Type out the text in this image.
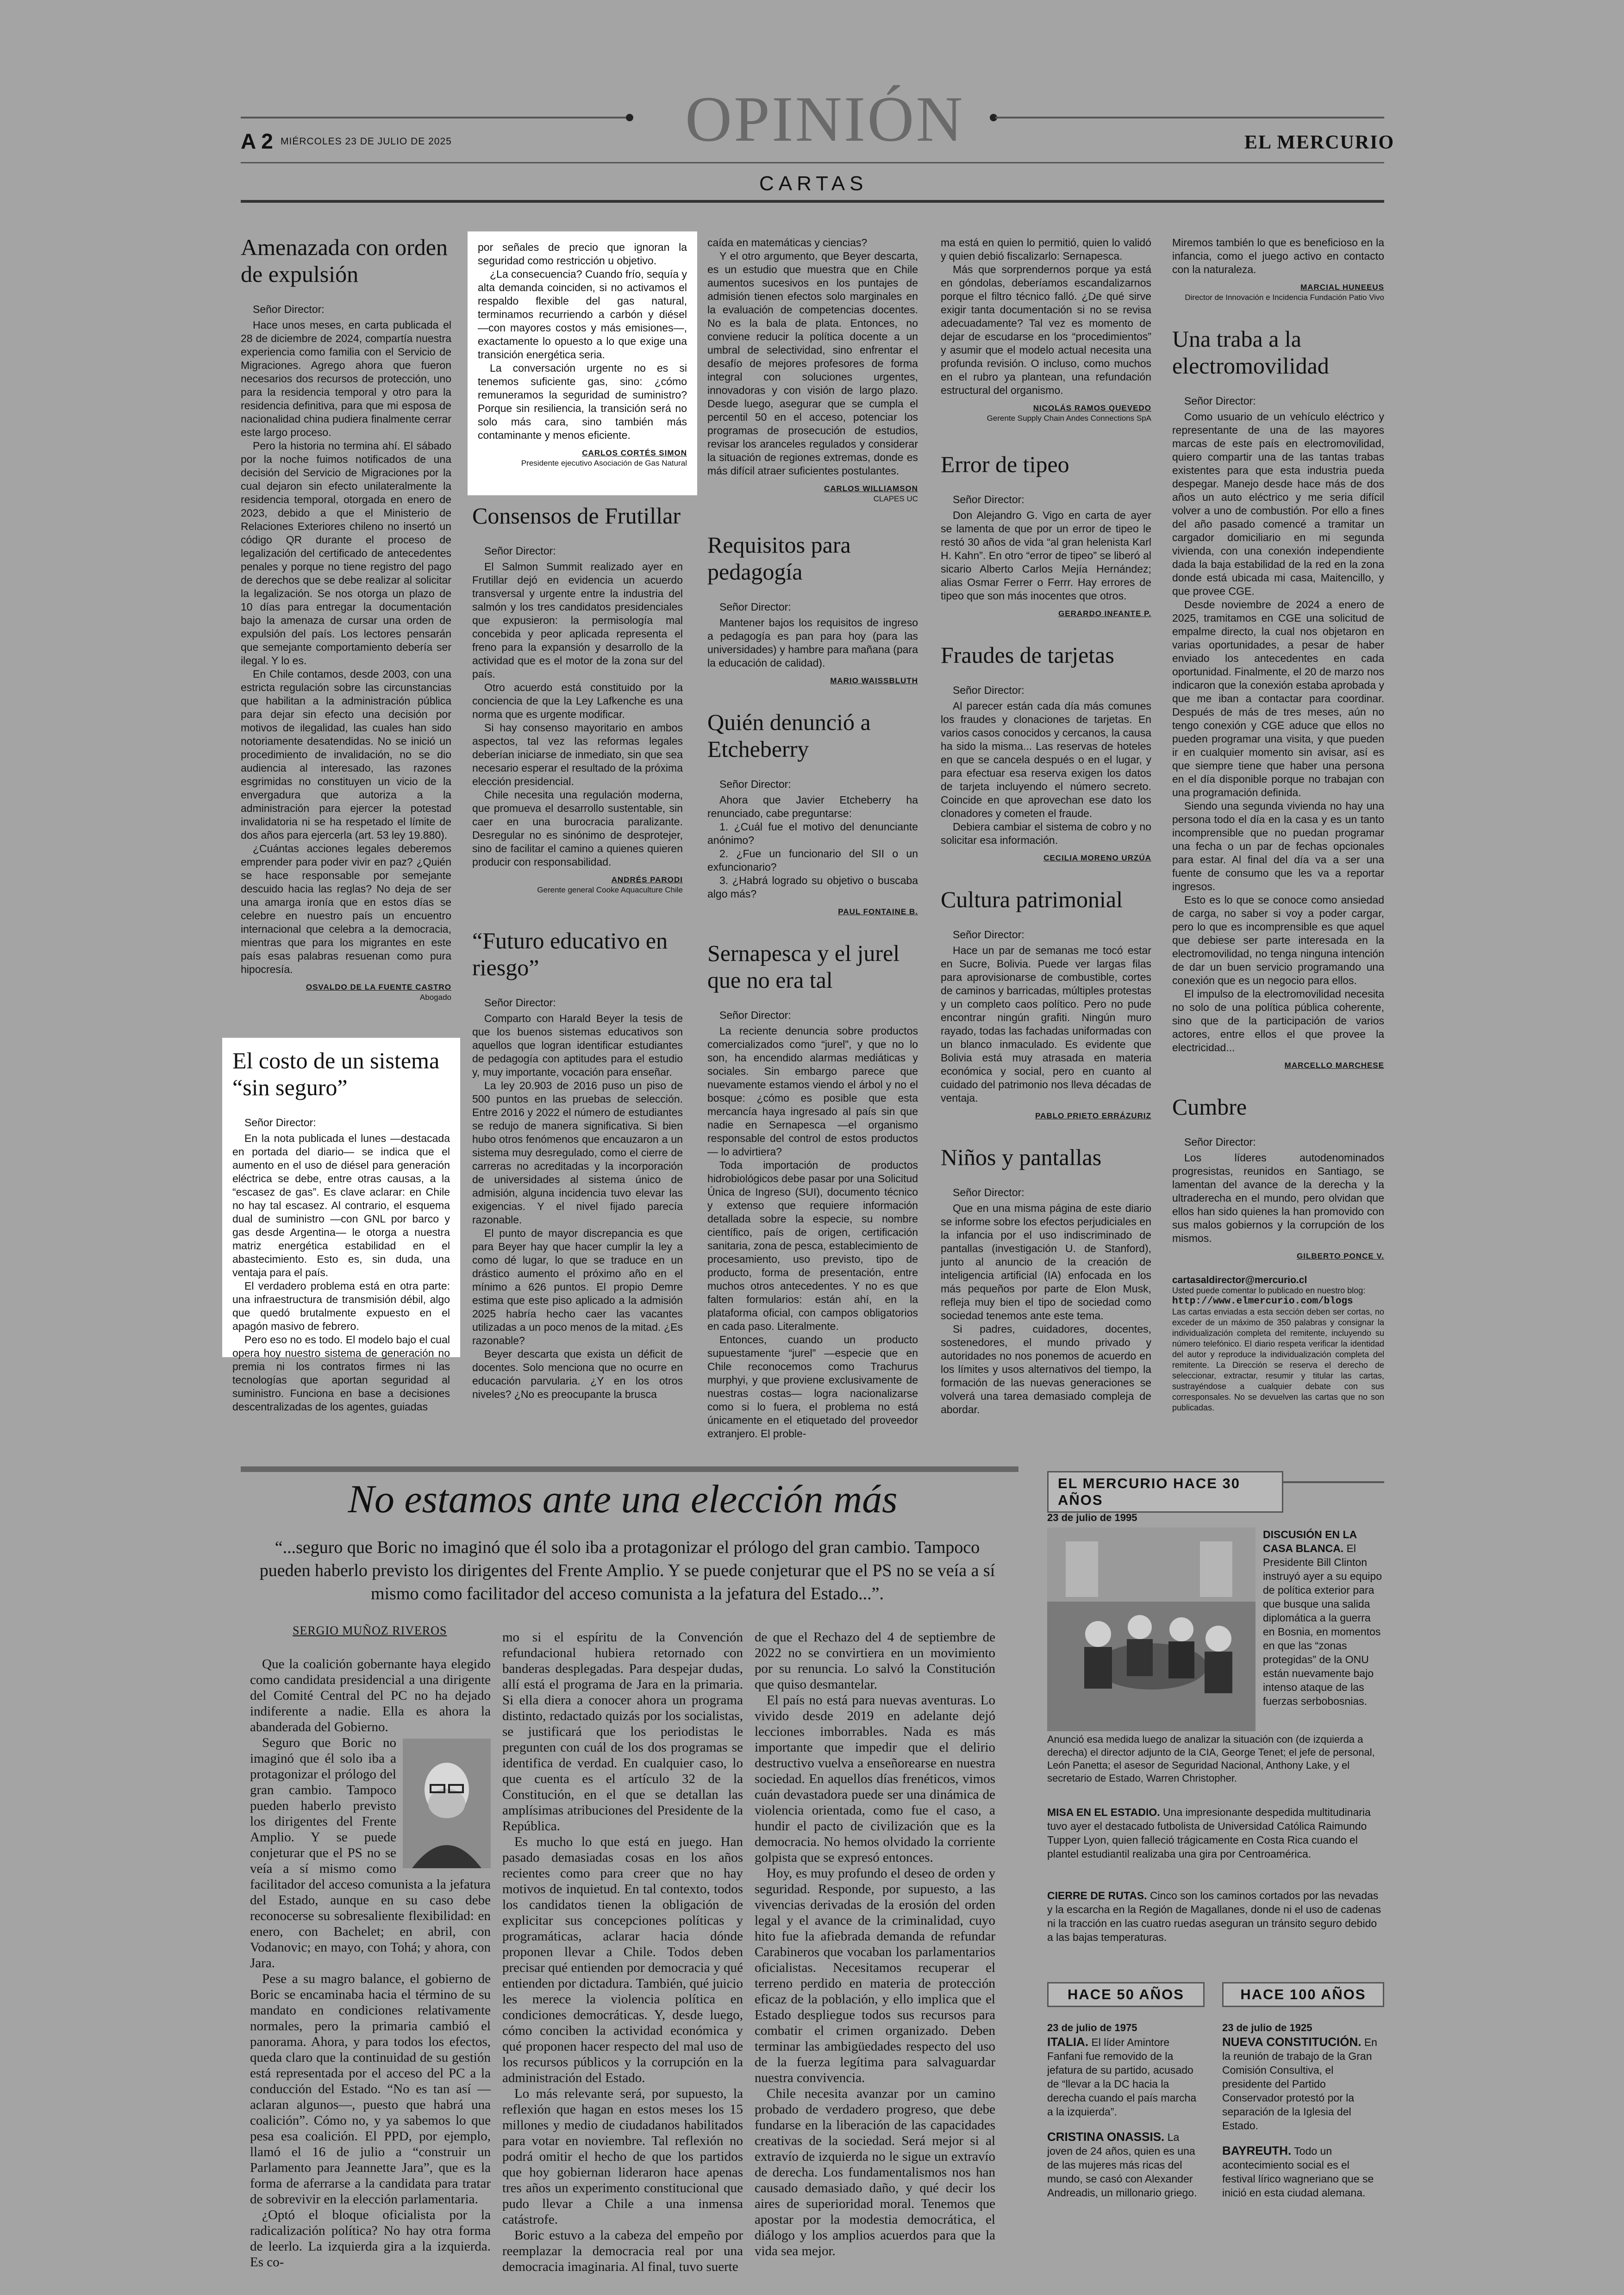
OPINIÓN
A 2 MIÉRCOLES 23 DE JULIO DE 2025	EL MERCURIO
CARTAS
Amenazada con orden de expulsión
Señor Director:

Hace unos meses, en carta publicada el 28 de diciembre de 2024, compartía nuestra experiencia como familia con el Servicio de Migraciones. Agrego ahora que fueron necesarios dos recursos de protección, uno para la residencia temporal y otro para la residencia definitiva, para que mi esposa de nacionalidad china pudiera finalmente cerrar este largo proceso.

Pero la historia no termina ahí. El sábado por la noche fuimos notificados de una decisión del Servicio de Migraciones por la cual dejaron sin efecto unilateralmente la residencia temporal, otorgada en enero de 2023, debido a que el Ministerio de Relaciones Exteriores chileno no insertó un código QR durante el proceso de legalización del certificado de antecedentes penales y porque no tiene registro del pago de derechos que se debe realizar al solicitar la legalización. Se nos otorga un plazo de 10 días para entregar la documentación bajo la amenaza de cursar una orden de expulsión del país. Los lectores pensarán que semejante comportamiento debería ser ilegal. Y lo es.

En Chile contamos, desde 2003, con una estricta regulación sobre las circunstancias que habilitan a la administración pública para dejar sin efecto una decisión por motivos de ilegalidad, las cuales han sido notoriamente desatendidas. No se inició un procedimiento de invalidación, no se dio audiencia al interesado, las razones esgrimidas no constituyen un vicio de la envergadura que autoriza a la administración para ejercer la potestad invalidatoria ni se ha respetado el límite de dos años para ejercerla (art. 53 ley 19.880).

¿Cuántas acciones legales deberemos emprender para poder vivir en paz? ¿Quién se hace responsable por semejante descuido hacia las reglas? No deja de ser una amarga ironía que en estos días se celebre en nuestro país un encuentro internacional que celebra a la democracia, mientras que para los migrantes en este país esas palabras resuenan como pura hipocresía.

OSVALDO DE LA FUENTE CASTRO
Abogado
El costo de un sistema “sin seguro”
Señor Director:

En la nota publicada el lunes —destacada en portada del diario— se indica que el aumento en el uso de diésel para generación eléctrica se debe, entre otras causas, a la “escasez de gas”. Es clave aclarar: en Chile no hay tal escasez. Al contrario, el esquema dual de suministro —con GNL por barco y gas desde Argentina— le otorga a nuestra matriz energética estabilidad en el abastecimiento. Esto es, sin duda, una ventaja para el país.

El verdadero problema está en otra parte: una infraestructura de transmisión débil, algo que quedó brutalmente expuesto en el apagón masivo de febrero.

Pero eso no es todo. El modelo bajo el cual opera hoy nuestro sistema de generación no premia ni los contratos firmes ni las tecnologías que aportan seguridad al suministro. Funciona en base a decisiones descentralizadas de los agentes, guiadas

por señales de precio que ignoran la seguridad como restricción u objetivo.

¿La consecuencia? Cuando frío, sequía y alta demanda coinciden, si no activamos el respaldo flexible del gas natural, terminamos recurriendo a carbón y diésel —con mayores costos y más emisiones—, exactamente lo opuesto a lo que exige una transición energética seria.

La conversación urgente no es si tenemos suficiente gas, sino: ¿cómo remuneramos la seguridad de suministro? Porque sin resiliencia, la transición será no solo más cara, sino también más contaminante y menos eficiente.

CARLOS CORTÉS SIMON
Presidente ejecutivo Asociación de Gas Natural
Consensos de Frutillar
Señor Director:

El Salmon Summit realizado ayer en Frutillar dejó en evidencia un acuerdo transversal y urgente entre la industria del salmón y los tres candidatos presidenciales que expusieron: la permisología mal concebida y peor aplicada representa el freno para la expansión y desarrollo de la actividad que es el motor de la zona sur del país.

Otro acuerdo está constituido por la conciencia de que la Ley Lafkenche es una norma que es urgente modificar.

Si hay consenso mayoritario en ambos aspectos, tal vez las reformas legales deberían iniciarse de inmediato, sin que sea necesario esperar el resultado de la próxima elección presidencial.

Chile necesita una regulación moderna, que promueva el desarrollo sustentable, sin caer en una burocracia paralizante. Desregular no es sinónimo de desprotejer, sino de facilitar el camino a quienes quieren producir con responsabilidad.

ANDRÉS PARODI
Gerente general Cooke Aquaculture Chile
“Futuro educativo en riesgo”
Señor Director:

Comparto con Harald Beyer la tesis de que los buenos sistemas educativos son aquellos que logran identificar estudiantes de pedagogía con aptitudes para el estudio y, muy importante, vocación para enseñar.

La ley 20.903 de 2016 puso un piso de 500 puntos en las pruebas de selección. Entre 2016 y 2022 el número de estudiantes se redujo de manera significativa. Si bien hubo otros fenómenos que encauzaron a un sistema muy desregulado, como el cierre de carreras no acreditadas y la incorporación de universidades al sistema único de admisión, alguna incidencia tuvo elevar las exigencias. Y el nivel fijado parecía razonable.

El punto de mayor discrepancia es que para Beyer hay que hacer cumplir la ley a como dé lugar, lo que se traduce en un drástico aumento el próximo año en el mínimo a 626 puntos. El propio Demre estima que este piso aplicado a la admisión 2025 habría hecho caer las vacantes utilizadas a un poco menos de la mitad. ¿Es razonable?

Beyer descarta que exista un déficit de docentes. Solo menciona que no ocurre en educación parvularia. ¿Y en los otros niveles? ¿No es preocupante la brusca

caída en matemáticas y ciencias?

Y el otro argumento, que Beyer descarta, es un estudio que muestra que en Chile aumentos sucesivos en los puntajes de admisión tienen efectos solo marginales en la evaluación de competencias docentes. No es la bala de plata. Entonces, no conviene reducir la política docente a un umbral de selectividad, sino enfrentar el desafío de mejores profesores de forma integral con soluciones urgentes, innovadoras y con visión de largo plazo. Desde luego, asegurar que se cumpla el percentil 50 en el acceso, potenciar los programas de prosecución de estudios, revisar los aranceles regulados y considerar la situación de regiones extremas, donde es más difícil atraer suficientes postulantes.

CARLOS WILLIAMSON
CLAPES UC
Requisitos para pedagogía
Señor Director:

Mantener bajos los requisitos de ingreso a pedagogía es pan para hoy (para las universidades) y hambre para mañana (para la educación de calidad).

MARIO WAISSBLUTH
Quién denunció a Etcheberry
Señor Director:

Ahora que Javier Etcheberry ha renunciado, cabe preguntarse:

1. ¿Cuál fue el motivo del denunciante anónimo?

2. ¿Fue un funcionario del SII o un exfuncionario?

3. ¿Habrá logrado su objetivo o buscaba algo más?

PAUL FONTAINE B.
Sernapesca y el jurel que no era tal
Señor Director:

La reciente denuncia sobre productos comercializados como “jurel”, y que no lo son, ha encendido alarmas mediáticas y sociales. Sin embargo parece que nuevamente estamos viendo el árbol y no el bosque: ¿cómo es posible que esta mercancía haya ingresado al país sin que nadie en Sernapesca —el organismo responsable del control de estos productos— lo advirtiera?

Toda importación de productos hidrobiológicos debe pasar por una Solicitud Única de Ingreso (SUI), documento técnico y extenso que requiere información detallada sobre la especie, su nombre científico, país de origen, certificación sanitaria, zona de pesca, establecimiento de procesamiento, uso previsto, tipo de producto, forma de presentación, entre muchos otros antecedentes. Y no es que falten formularios: están ahí, en la plataforma oficial, con campos obligatorios en cada paso. Literalmente.

Entonces, cuando un producto supuestamente “jurel” —especie que en Chile reconocemos como Trachurus murphyi, y que proviene exclusivamente de nuestras costas— logra nacionalizarse como si lo fuera, el problema no está únicamente en el etiquetado del proveedor extranjero. El proble-

ma está en quien lo permitió, quien lo validó y quien debió fiscalizarlo: Sernapesca.

Más que sorprendernos porque ya está en góndolas, deberíamos escandalizarnos porque el filtro técnico falló. ¿De qué sirve exigir tanta documentación si no se revisa adecuadamente? Tal vez es momento de dejar de escudarse en los “procedimientos” y asumir que el modelo actual necesita una profunda revisión. O incluso, como muchos en el rubro ya plantean, una refundación estructural del organismo.

NICOLÁS RAMOS QUEVEDO
Gerente Supply Chain Andes Connections SpA
Error de tipeo
Señor Director:

Don Alejandro G. Vigo en carta de ayer se lamenta de que por un error de tipeo le restó 30 años de vida “al gran helenista Karl H. Kahn”. En otro “error de tipeo” se liberó al sicario Alberto Carlos Mejía Hernández; alias Osmar Ferrer o Ferrr. Hay errores de tipeo que son más inocentes que otros.

GERARDO INFANTE P.
Fraudes de tarjetas
Señor Director:

Al parecer están cada día más comunes los fraudes y clonaciones de tarjetas. En varios casos conocidos y cercanos, la causa ha sido la misma... Las reservas de hoteles en que se cancela después o en el lugar, y para efectuar esa reserva exigen los datos de tarjeta incluyendo el número secreto. Coincide en que aprovechan ese dato los clonadores y cometen el fraude.

Debiera cambiar el sistema de cobro y no solicitar esa información.

CECILIA MORENO URZÚA
Cultura patrimonial
Señor Director:

Hace un par de semanas me tocó estar en Sucre, Bolivia. Puede ver largas filas para aprovisionarse de combustible, cortes de caminos y barricadas, múltiples protestas y un completo caos político. Pero no pude encontrar ningún grafiti. Ningún muro rayado, todas las fachadas uniformadas con un blanco inmaculado. Es evidente que Bolivia está muy atrasada en materia económica y social, pero en cuanto al cuidado del patrimonio nos lleva décadas de ventaja.

PABLO PRIETO ERRÁZURIZ
Niños y pantallas
Señor Director:

Que en una misma página de este diario se informe sobre los efectos perjudiciales en la infancia por el uso indiscriminado de pantallas (investigación U. de Stanford), junto al anuncio de la creación de inteligencia artificial (IA) enfocada en los más pequeños por parte de Elon Musk, refleja muy bien el tipo de sociedad como sociedad tenemos ante este tema.

Si padres, cuidadores, docentes, sostenedores, el mundo privado y autoridades no nos ponemos de acuerdo en los límites y usos alternativos del tiempo, la formación de las nuevas generaciones se volverá una tarea demasiado compleja de abordar.

Miremos también lo que es beneficioso en la infancia, como el juego activo en contacto con la naturaleza.

MARCIAL HUNEEUS
Director de Innovación e Incidencia Fundación Patio Vivo
Una traba a la electromovilidad
Señor Director:

Como usuario de un vehículo eléctrico y representante de una de las mayores marcas de este país en electromovilidad, quiero compartir una de las tantas trabas existentes para que esta industria pueda despegar. Manejo desde hace más de dos años un auto eléctrico y me seria difícil volver a uno de combustión. Por ello a fines del año pasado comencé a tramitar un cargador domiciliario en mi segunda vivienda, con una conexión independiente dada la baja estabilidad de la red en la zona donde está ubicada mi casa, Maitencillo, y que provee CGE.

Desde noviembre de 2024 a enero de 2025, tramitamos en CGE una solicitud de empalme directo, la cual nos objetaron en varias oportunidades, a pesar de haber enviado los antecedentes en cada oportunidad. Finalmente, el 20 de marzo nos indicaron que la conexión estaba aprobada y que me iban a contactar para coordinar. Después de más de tres meses, aún no tengo conexión y CGE aduce que ellos no pueden programar una visita, y que pueden ir en cualquier momento sin avisar, así es que siempre tiene que haber una persona en el día disponible porque no trabajan con una programación definida.

Siendo una segunda vivienda no hay una persona todo el día en la casa y es un tanto incomprensible que no puedan programar una fecha o un par de fechas opcionales para estar. Al final del día va a ser una fuente de consumo que les va a reportar ingresos.

Esto es lo que se conoce como ansiedad de carga, no saber si voy a poder cargar, pero lo que es incomprensible es que aquel que debiese ser parte interesada en la electromovilidad, no tenga ninguna intención de dar un buen servicio programando una conexión que es un negocio para ellos.

El impulso de la electromovilidad necesita no solo de una política pública coherente, sino que de la participación de varios actores, entre ellos el que provee la electricidad...

MARCELLO MARCHESE
Cumbre
Señor Director:

Los líderes autodenominados progresistas, reunidos en Santiago, se lamentan del avance de la derecha y la ultraderecha en el mundo, pero olvidan que ellos han sido quienes la han promovido con sus malos gobiernos y la corrupción de los mismos.

GILBERTO PONCE V.
cartasaldirector@mercurio.cl
Usted puede comentar lo publicado en nuestro blog:
http://www.elmercurio.com/blogs
Las cartas enviadas a esta sección deben ser cortas, no exceder de un máximo de 350 palabras y consignar la individualización completa del remitente, incluyendo su número telefónico. El diario respeta verificar la identidad del autor y reproduce la individualización completa del remitente. La Dirección se reserva el derecho de seleccionar, extractar, resumir y titular las cartas, sustrayéndose a cualquier debate con sus corresponsales. No se devuelven las cartas que no son publicadas.
No estamos ante una elección más
“...seguro que Boric no imaginó que él solo iba a protagonizar el prólogo del gran cambio. Tampoco pueden haberlo previsto los dirigentes del Frente Amplio. Y se puede conjeturar que el PS no se veía a sí mismo como facilitador del acceso comunista a la jefatura del Estado...”.
SERGIO MUÑOZ RIVEROS

Que la coalición gobernante haya elegido como candidata presidencial a una dirigente del Comité Central del PC no ha dejado indiferente a nadie. Ella es ahora la abanderada del Gobierno.

Seguro que Boric no imaginó que él solo iba a protagonizar el prólogo del gran cambio. Tampoco pueden haberlo previsto los dirigentes del Frente Amplio. Y se puede conjeturar que el PS no se veía a sí mismo como facilitador del acceso comunista a la jefatura del Estado, aunque en su caso debe reconocerse su sobresaliente flexibilidad: en enero, con Bachelet; en abril, con Vodanovic; en mayo, con Tohá; y ahora, con Jara.

Pese a su magro balance, el gobierno de Boric se encaminaba hacia el término de su mandato en condiciones relativamente normales, pero la primaria cambió el panorama. Ahora, y para todos los efectos, queda claro que la continuidad de su gestión está representada por el acceso del PC a la conducción del Estado. “No es tan así —aclaran algunos—, puesto que habrá una coalición”. Cómo no, y ya sabemos lo que pesa esa coalición. El PPD, por ejemplo, llamó el 16 de julio a “construir un Parlamento para Jeannette Jara”, que es la forma de aferrarse a la candidata para tratar de sobrevivir en la elección parlamentaria.

¿Optó el bloque oficialista por la radicalización política? No hay otra forma de leerlo. La izquierda gira a la izquierda. Es co-

mo si el espíritu de la Convención refundacional hubiera retornado con banderas desplegadas. Para despejar dudas, allí está el programa de Jara en la primaria. Si ella diera a conocer ahora un programa distinto, redactado quizás por los socialistas, se justificará que los periodistas le pregunten con cuál de los dos programas se identifica de verdad. En cualquier caso, lo que cuenta es el artículo 32 de la Constitución, en el que se detallan las amplísimas atribuciones del Presidente de la República.

Es mucho lo que está en juego. Han pasado demasiadas cosas en los años recientes como para creer que no hay motivos de inquietud. En tal contexto, todos los candidatos tienen la obligación de explicitar sus concepciones políticas y programáticas, aclarar hacia dónde proponen llevar a Chile. Todos deben precisar qué entienden por democracia y qué entienden por dictadura. También, qué juicio les merece la violencia política en condiciones democráticas. Y, desde luego, cómo conciben la actividad económica y qué proponen hacer respecto del mal uso de los recursos públicos y la corrupción en la administración del Estado.

Lo más relevante será, por supuesto, la reflexión que hagan en estos meses los 15 millones y medio de ciudadanos habilitados para votar en noviembre. Tal reflexión no podrá omitir el hecho de que los partidos que hoy gobiernan lideraron hace apenas tres años un experimento constitucional que pudo llevar a Chile a una inmensa catástrofe.

Boric estuvo a la cabeza del empeño por reemplazar la democracia real por una democracia imaginaria. Al final, tuvo suerte

de que el Rechazo del 4 de septiembre de 2022 no se convirtiera en un movimiento por su renuncia. Lo salvó la Constitución que quiso desmantelar.

El país no está para nuevas aventuras. Lo vivido desde 2019 en adelante dejó lecciones imborrables. Nada es más importante que impedir que el delirio destructivo vuelva a enseñorearse en nuestra sociedad. En aquellos días frenéticos, vimos cuán devastadora puede ser una dinámica de violencia orientada, como fue el caso, a hundir el pacto de civilización que es la democracia. No hemos olvidado la corriente golpista que se expresó entonces.

Hoy, es muy profundo el deseo de orden y seguridad. Responde, por supuesto, a las vivencias derivadas de la erosión del orden legal y el avance de la criminalidad, cuyo hito fue la afiebrada demanda de refundar Carabineros que vocaban los parlamentarios oficialistas. Necesitamos recuperar el terreno perdido en materia de protección eficaz de la población, y ello implica que el Estado despliegue todos sus recursos para combatir el crimen organizado. Deben terminar las ambigüedades respecto del uso de la fuerza legítima para salvaguardar nuestra convivencia.

Chile necesita avanzar por un camino probado de verdadero progreso, que debe fundarse en la liberación de las capacidades creativas de la sociedad. Será mejor si al extravío de izquierda no le sigue un extravío de derecha. Los fundamentalismos nos han causado demasiado daño, y qué decir los aires de superioridad moral. Tenemos que apostar por la modestia democrática, el diálogo y los amplios acuerdos para que la vida sea mejor.

EL MERCURIO HACE 30 AÑOS
23 de julio de 1995
DISCUSIÓN EN LA CASA BLANCA. El Presidente Bill Clinton instruyó ayer a su equipo de política exterior para que busque una salida diplomática a la guerra en Bosnia, en momentos en que las “zonas protegidas” de la ONU están nuevamente bajo intenso ataque de las fuerzas serbobosnias.
Anunció esa medida luego de analizar la situación con (de izquierda a derecha) el director adjunto de la CIA, George Tenet; el jefe de personal, León Panetta; el asesor de Seguridad Nacional, Anthony Lake, y el secretario de Estado, Warren Christopher.
MISA EN EL ESTADIO. Una impresionante despedida multitudinaria tuvo ayer el destacado futbolista de Universidad Católica Raimundo Tupper Lyon, quien falleció trágicamente en Costa Rica cuando el plantel estudiantil realizaba una gira por Centroamérica.
CIERRE DE RUTAS. Cinco son los caminos cortados por las nevadas y la escarcha en la Región de Magallanes, donde ni el uso de cadenas ni la tracción en las cuatro ruedas aseguran un tránsito seguro debido a las bajas temperaturas.
HACE 50 AÑOS	HACE 100 AÑOS
23 de julio de 1975
ITALIA. El líder Amintore Fanfani fue removido de la jefatura de su partido, acusado de “llevar a la DC hacia la derecha cuando el país marcha a la izquierda”.
CRISTINA ONASSIS. La joven de 24 años, quien es una de las mujeres más ricas del mundo, se casó con Alexander Andreadis, un millonario griego.
23 de julio de 1925
NUEVA CONSTITUCIÓN. En la reunión de trabajo de la Gran Comisión Consultiva, el presidente del Partido Conservador protestó por la separación de la Iglesia del Estado.
BAYREUTH. Todo un acontecimiento social es el festival lírico wagneriano que se inició en esta ciudad alemana.
